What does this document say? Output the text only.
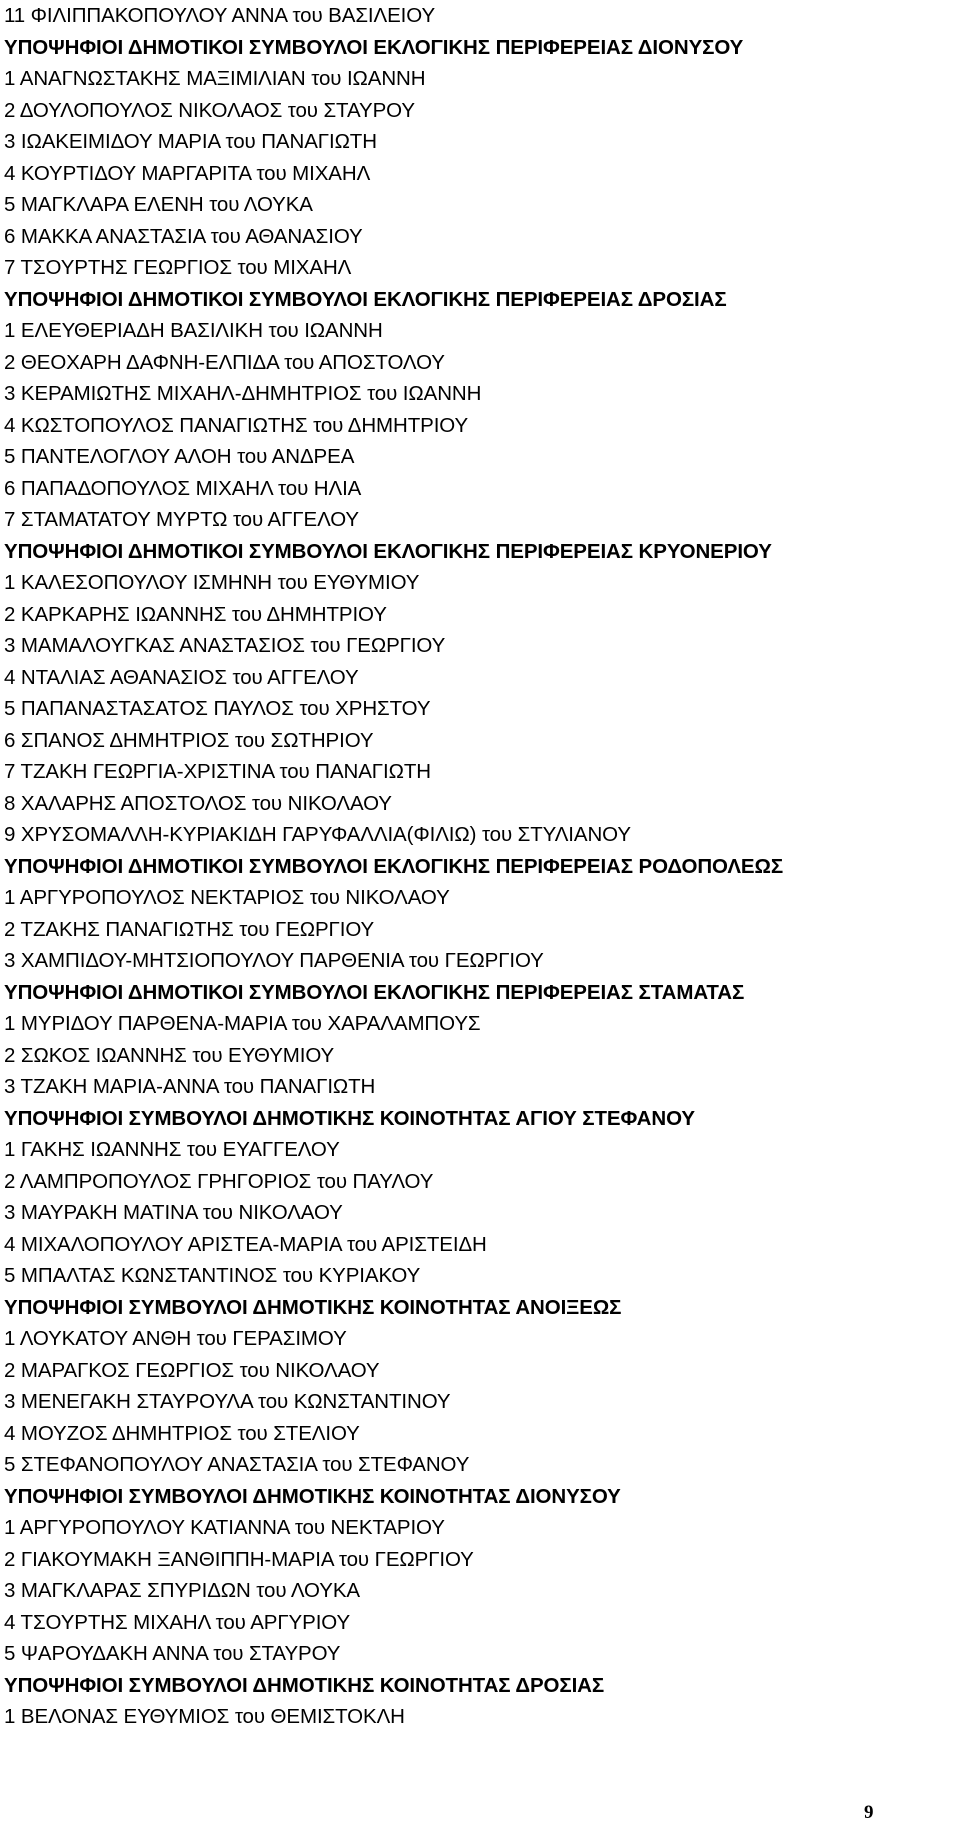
11 ΦΙΛΙΠΠΑΚΟΠΟΥΛΟΥ ΑΝΝΑ του ΒΑΣΙΛΕΙΟΥ
ΥΠΟΨΗΦΙΟΙ ΔΗΜΟΤΙΚΟΙ ΣΥΜΒΟΥΛΟΙ ΕΚΛΟΓΙΚΗΣ ΠΕΡΙΦΕΡΕΙΑΣ ΔΙΟΝΥΣΟΥ
1 ΑΝΑΓΝΩΣΤΑΚΗΣ ΜΑΞΙΜΙΛΙΑΝ του ΙΩΑΝΝΗ
2 ΔΟΥΛΟΠΟΥΛΟΣ ΝΙΚΟΛΑΟΣ του ΣΤΑΥΡΟΥ
3 ΙΩΑΚΕΙΜΙΔΟΥ ΜΑΡΙΑ του ΠΑΝΑΓΙΩΤΗ
4 ΚΟΥΡΤΙΔΟΥ ΜΑΡΓΑΡΙΤΑ του ΜΙΧΑΗΛ
5 ΜΑΓΚΛΑΡΑ ΕΛΕΝΗ του ΛΟΥΚΑ
6 ΜΑΚΚΑ ΑΝΑΣΤΑΣΙΑ του ΑΘΑΝΑΣΙΟΥ
7 ΤΣΟΥΡΤΗΣ ΓΕΩΡΓΙΟΣ του ΜΙΧΑΗΛ
ΥΠΟΨΗΦΙΟΙ ΔΗΜΟΤΙΚΟΙ ΣΥΜΒΟΥΛΟΙ ΕΚΛΟΓΙΚΗΣ ΠΕΡΙΦΕΡΕΙΑΣ ΔΡΟΣΙΑΣ
1 ΕΛΕΥΘΕΡΙΑΔΗ ΒΑΣΙΛΙΚΗ του ΙΩΑΝΝΗ
2 ΘΕΟΧΑΡΗ ΔΑΦΝΗ-ΕΛΠΙΔΑ του ΑΠΟΣΤΟΛΟΥ
3 ΚΕΡΑΜΙΩΤΗΣ ΜΙΧΑΗΛ-ΔΗΜΗΤΡΙΟΣ του ΙΩΑΝΝΗ
4 ΚΩΣΤΟΠΟΥΛΟΣ ΠΑΝΑΓΙΩΤΗΣ του ΔΗΜΗΤΡΙΟΥ
5 ΠΑΝΤΕΛΟΓΛΟΥ ΑΛΟΗ του ΑΝΔΡΕΑ
6 ΠΑΠΑΔΟΠΟΥΛΟΣ ΜΙΧΑΗΛ του ΗΛΙΑ
7 ΣΤΑΜΑΤΑΤΟΥ ΜΥΡΤΩ του ΑΓΓΕΛΟΥ
ΥΠΟΨΗΦΙΟΙ ΔΗΜΟΤΙΚΟΙ ΣΥΜΒΟΥΛΟΙ ΕΚΛΟΓΙΚΗΣ ΠΕΡΙΦΕΡΕΙΑΣ ΚΡΥΟΝΕΡΙΟΥ
1 ΚΑΛΕΣΟΠΟΥΛΟΥ ΙΣΜΗΝΗ του ΕΥΘΥΜΙΟΥ
2 ΚΑΡΚΑΡΗΣ ΙΩΑΝΝΗΣ του ΔΗΜΗΤΡΙΟΥ
3 ΜΑΜΑΛΟΥΓΚΑΣ ΑΝΑΣΤΑΣΙΟΣ του ΓΕΩΡΓΙΟΥ
4 ΝΤΑΛΙΑΣ ΑΘΑΝΑΣΙΟΣ του ΑΓΓΕΛΟΥ
5 ΠΑΠΑΝΑΣΤΑΣΑΤΟΣ ΠΑΥΛΟΣ του ΧΡΗΣΤΟΥ
6 ΣΠΑΝΟΣ ΔΗΜΗΤΡΙΟΣ του ΣΩΤΗΡΙΟΥ
7 ΤΖΑΚΗ ΓΕΩΡΓΙΑ-ΧΡΙΣΤΙΝΑ του ΠΑΝΑΓΙΩΤΗ
8 ΧΑΛΑΡΗΣ ΑΠΟΣΤΟΛΟΣ του ΝΙΚΟΛΑΟΥ
9 ΧΡΥΣΟΜΑΛΛΗ-ΚΥΡΙΑΚΙΔΗ ΓΑΡΥΦΑΛΛΙΑ(ΦΙΛΙΩ) του ΣΤΥΛΙΑΝΟΥ
ΥΠΟΨΗΦΙΟΙ ΔΗΜΟΤΙΚΟΙ ΣΥΜΒΟΥΛΟΙ ΕΚΛΟΓΙΚΗΣ ΠΕΡΙΦΕΡΕΙΑΣ ΡΟΔΟΠΟΛΕΩΣ
1 ΑΡΓΥΡΟΠΟΥΛΟΣ ΝΕΚΤΑΡΙΟΣ του ΝΙΚΟΛΑΟΥ
2 ΤΖΑΚΗΣ ΠΑΝΑΓΙΩΤΗΣ του ΓΕΩΡΓΙΟΥ
3 ΧΑΜΠΙΔΟΥ-ΜΗΤΣΙΟΠΟΥΛΟΥ ΠΑΡΘΕΝΙΑ του ΓΕΩΡΓΙΟΥ
ΥΠΟΨΗΦΙΟΙ ΔΗΜΟΤΙΚΟΙ ΣΥΜΒΟΥΛΟΙ ΕΚΛΟΓΙΚΗΣ ΠΕΡΙΦΕΡΕΙΑΣ ΣΤΑΜΑΤΑΣ
1 ΜΥΡΙΔΟΥ ΠΑΡΘΕΝΑ-ΜΑΡΙΑ του ΧΑΡΑΛΑΜΠΟΥΣ
2 ΣΩΚΟΣ ΙΩΑΝΝΗΣ του ΕΥΘΥΜΙΟΥ
3 ΤΖΑΚΗ ΜΑΡΙΑ-ΑΝΝΑ του ΠΑΝΑΓΙΩΤΗ
ΥΠΟΨΗΦΙΟΙ ΣΥΜΒΟΥΛΟΙ ΔΗΜΟΤΙΚΗΣ ΚΟΙΝΟΤΗΤΑΣ ΑΓΙΟΥ ΣΤΕΦΑΝΟΥ
1 ΓΑΚΗΣ ΙΩΑΝΝΗΣ του ΕΥΑΓΓΕΛΟΥ
2 ΛΑΜΠΡΟΠΟΥΛΟΣ ΓΡΗΓΟΡΙΟΣ του ΠΑΥΛΟΥ
3 ΜΑΥΡΑΚΗ ΜΑΤΙΝΑ του ΝΙΚΟΛΑΟΥ
4 ΜΙΧΑΛΟΠΟΥΛΟΥ ΑΡΙΣΤΕΑ-ΜΑΡΙΑ του ΑΡΙΣΤΕΙΔΗ
5 ΜΠΑΛΤΑΣ ΚΩΝΣΤΑΝΤΙΝΟΣ του ΚΥΡΙΑΚΟΥ
ΥΠΟΨΗΦΙΟΙ ΣΥΜΒΟΥΛΟΙ ΔΗΜΟΤΙΚΗΣ ΚΟΙΝΟΤΗΤΑΣ ΑΝΟΙΞΕΩΣ
1 ΛΟΥΚΑΤΟΥ ΑΝΘΗ του ΓΕΡΑΣΙΜΟΥ
2 ΜΑΡΑΓΚΟΣ ΓΕΩΡΓΙΟΣ του ΝΙΚΟΛΑΟΥ
3 ΜΕΝΕΓΑΚΗ ΣΤΑΥΡΟΥΛΑ του ΚΩΝΣΤΑΝΤΙΝΟΥ
4 ΜΟΥΖΟΣ ΔΗΜΗΤΡΙΟΣ του ΣΤΕΛΙΟΥ
5 ΣΤΕΦΑΝΟΠΟΥΛΟΥ ΑΝΑΣΤΑΣΙΑ του ΣΤΕΦΑΝΟΥ
ΥΠΟΨΗΦΙΟΙ ΣΥΜΒΟΥΛΟΙ ΔΗΜΟΤΙΚΗΣ ΚΟΙΝΟΤΗΤΑΣ ΔΙΟΝΥΣΟΥ
1 ΑΡΓΥΡΟΠΟΥΛΟΥ ΚΑΤΙΑΝΝΑ του ΝΕΚΤΑΡΙΟΥ
2 ΓΙΑΚΟΥΜΑΚΗ ΞΑΝΘΙΠΠΗ-ΜΑΡΙΑ του ΓΕΩΡΓΙΟΥ
3 ΜΑΓΚΛΑΡΑΣ ΣΠΥΡΙΔΩΝ του ΛΟΥΚΑ
4 ΤΣΟΥΡΤΗΣ ΜΙΧΑΗΛ του ΑΡΓΥΡΙΟΥ
5 ΨΑΡΟΥΔΑΚΗ ΑΝΝΑ του ΣΤΑΥΡΟΥ
ΥΠΟΨΗΦΙΟΙ ΣΥΜΒΟΥΛΟΙ ΔΗΜΟΤΙΚΗΣ ΚΟΙΝΟΤΗΤΑΣ ΔΡΟΣΙΑΣ
1 ΒΕΛΟΝΑΣ ΕΥΘΥΜΙΟΣ του ΘΕΜΙΣΤΟΚΛΗ
9
